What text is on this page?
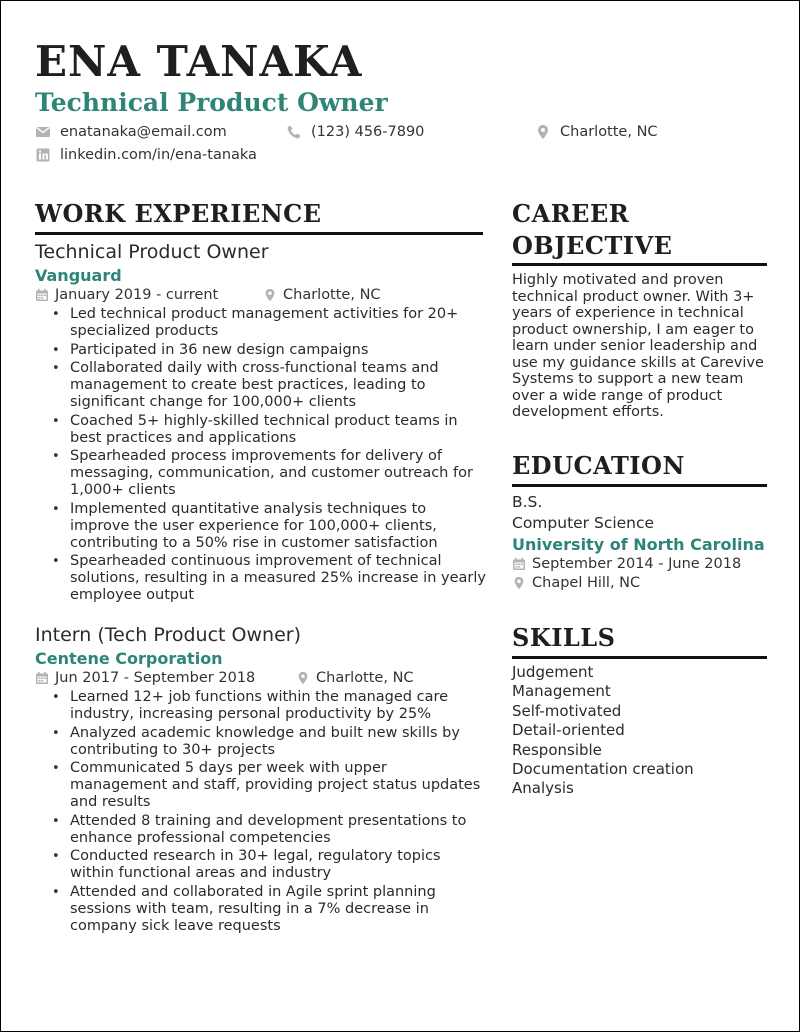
ENA TANAKA
Technical Product Owner
enatanaka@email.com	(123) 456-7890	Charlotte, NC
linkedin.com/in/ena-tanaka
WORK EXPERIENCE
Technical Product Owner
Vanguard
January 2019 - current	Charlotte, NC
• Led technical product management activities for 20+ specialized products
• Participated in 36 new design campaigns
• Collaborated daily with cross-functional teams and management to create best practices, leading to significant change for 100,000+ clients
• Coached 5+ highly-skilled technical product teams in best practices and applications
• Spearheaded process improvements for delivery of messaging, communication, and customer outreach for 1,000+ clients
• Implemented quantitative analysis techniques to improve the user experience for 100,000+ clients, contributing to a 50% rise in customer satisfaction
• Spearheaded continuous improvement of technical solutions, resulting in a measured 25% increase in yearly employee output
Intern (Tech Product Owner)
Centene Corporation
Jun 2017 - September 2018	Charlotte, NC
• Learned 12+ job functions within the managed care industry, increasing personal productivity by 25%
• Analyzed academic knowledge and built new skills by contributing to 30+ projects
• Communicated 5 days per week with upper management and staff, providing project status updates and results
• Attended 8 training and development presentations to enhance professional competencies
• Conducted research in 30+ legal, regulatory topics within functional areas and industry
• Attended and collaborated in Agile sprint planning sessions with team, resulting in a 7% decrease in company sick leave requests
CAREER
OBJECTIVE
Highly motivated and proven technical product owner. With 3+ years of experience in technical product ownership, I am eager to learn under senior leadership and use my guidance skills at Carevive Systems to support a new team over a wide range of product development efforts.
EDUCATION
B.S.
Computer Science
University of North Carolina
September 2014 - June 2018
Chapel Hill, NC
SKILLS
Judgement
Management
Self-motivated
Detail-oriented
Responsible
Documentation creation
Analysis
